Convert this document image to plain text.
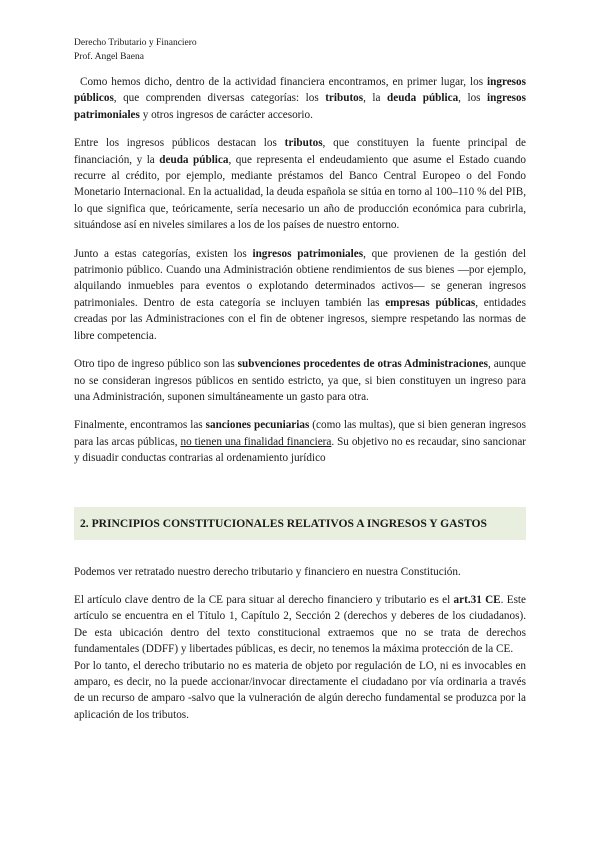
Derecho Tributario y Financiero
Prof. Angel Baena

Como hemos dicho, dentro de la actividad financiera encontramos, en primer lugar, los ingresos públicos, que comprenden diversas categorías: los tributos, la deuda pública, los ingresos patrimoniales y otros ingresos de carácter accesorio.

Entre los ingresos públicos destacan los tributos, que constituyen la fuente principal de financiación, y la deuda pública, que representa el endeudamiento que asume el Estado cuando recurre al crédito, por ejemplo, mediante préstamos del Banco Central Europeo o del Fondo Monetario Internacional. En la actualidad, la deuda española se sitúa en torno al 100–110 % del PIB, lo que significa que, teóricamente, sería necesario un año de producción económica para cubrirla, situándose así en niveles similares a los de los países de nuestro entorno.

Junto a estas categorías, existen los ingresos patrimoniales, que provienen de la gestión del patrimonio público. Cuando una Administración obtiene rendimientos de sus bienes —por ejemplo, alquilando inmuebles para eventos o explotando determinados activos— se generan ingresos patrimoniales. Dentro de esta categoría se incluyen también las empresas públicas, entidades creadas por las Administraciones con el fin de obtener ingresos, siempre respetando las normas de libre competencia.

Otro tipo de ingreso público son las subvenciones procedentes de otras Administraciones, aunque no se consideran ingresos públicos en sentido estricto, ya que, si bien constituyen un ingreso para una Administración, suponen simultáneamente un gasto para otra.

Finalmente, encontramos las sanciones pecuniarias (como las multas), que si bien generan ingresos para las arcas públicas, no tienen una finalidad financiera. Su objetivo no es recaudar, sino sancionar y disuadir conductas contrarias al ordenamiento jurídico

2. PRINCIPIOS CONSTITUCIONALES RELATIVOS A INGRESOS Y GASTOS

Podemos ver retratado nuestro derecho tributario y financiero en nuestra Constitución.

El artículo clave dentro de la CE para situar al derecho financiero y tributario es el art.31 CE. Este artículo se encuentra en el Título 1, Capítulo 2, Sección 2 (derechos y deberes de los ciudadanos). De esta ubicación dentro del texto constitucional extraemos que no se trata de derechos fundamentales (DDFF) y libertades públicas, es decir, no tenemos la máxima protección de la CE.

Por lo tanto, el derecho tributario no es materia de objeto por regulación de LO, ni es invocables en amparo, es decir, no la puede accionar/invocar directamente el ciudadano por vía ordinaria a través de un recurso de amparo -salvo que la vulneración de algún derecho fundamental se produzca por la aplicación de los tributos.
